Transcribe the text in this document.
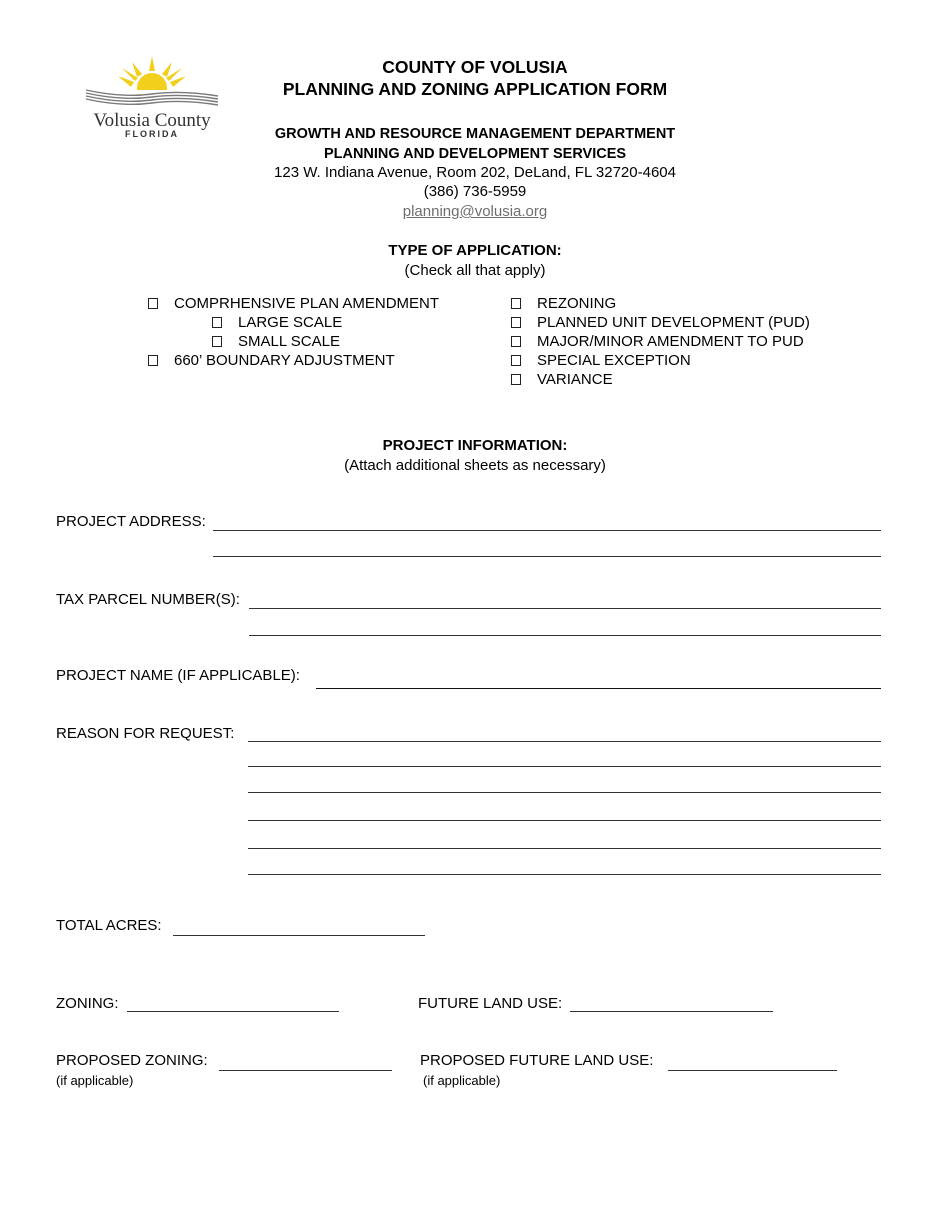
Volusia County
FLORIDA
COUNTY OF VOLUSIA
PLANNING AND ZONING APPLICATION FORM
GROWTH AND RESOURCE MANAGEMENT DEPARTMENT
PLANNING AND DEVELOPMENT SERVICES
123 W. Indiana Avenue, Room 202, DeLand, FL 32720-4604
(386) 736-5959
planning@volusia.org
TYPE OF APPLICATION:
(Check all that apply)
COMPRHENSIVE PLAN AMENDMENT
LARGE SCALE
SMALL SCALE
660’ BOUNDARY ADJUSTMENT
REZONING
PLANNED UNIT DEVELOPMENT (PUD)
MAJOR/MINOR AMENDMENT TO PUD
SPECIAL EXCEPTION
VARIANCE
PROJECT INFORMATION:
(Attach additional sheets as necessary)
PROJECT ADDRESS:
TAX PARCEL NUMBER(S):
PROJECT NAME (IF APPLICABLE):
REASON FOR REQUEST:
TOTAL ACRES:
ZONING:	FUTURE LAND USE:
PROPOSED ZONING:
(if applicable)
PROPOSED FUTURE LAND USE:
(if applicable)
